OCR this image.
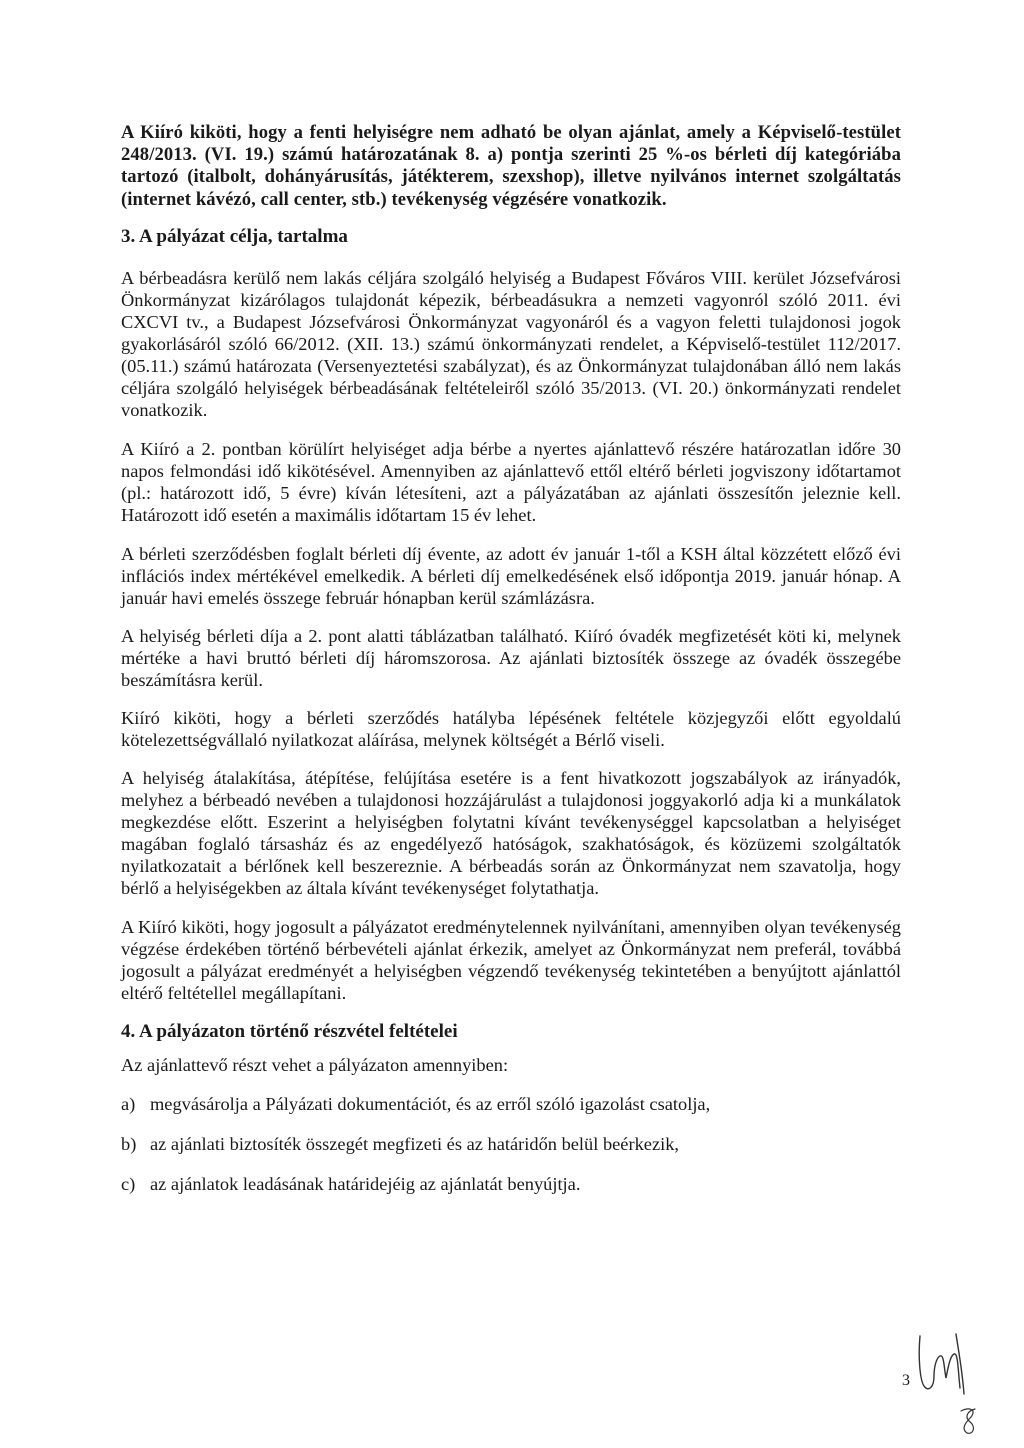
A Kiíró kiköti, hogy a fenti helyiségre nem adható be olyan ajánlat, amely a Képviselő-testület 248/2013. (VI. 19.) számú határozatának 8. a) pontja szerinti 25 %-os bérleti díj kategóriába tartozó (italbolt, dohányárusítás, játékterem, szexshop), illetve nyilvános internet szolgáltatás (internet kávézó, call center, stb.) tevékenység végzésére vonatkozik.

3. A pályázat célja, tartalma

A bérbeadásra kerülő nem lakás céljára szolgáló helyiség a Budapest Főváros VIII. kerület Józsefvárosi Önkormányzat kizárólagos tulajdonát képezik, bérbeadásukra a nemzeti vagyonról szóló 2011. évi CXCVI tv., a Budapest Józsefvárosi Önkormányzat vagyonáról és a vagyon feletti tulajdonosi jogok gyakorlásáról szóló 66/2012. (XII. 13.) számú önkormányzati rendelet, a Képviselő-testület 112/2017. (05.11.) számú határozata (Versenyeztetési szabályzat), és az Önkormányzat tulajdonában álló nem lakás céljára szolgáló helyiségek bérbeadásának feltételeiről szóló 35/2013. (VI. 20.) önkormányzati rendelet vonatkozik.

A Kiíró a 2. pontban körülírt helyiséget adja bérbe a nyertes ajánlattevő részére határozatlan időre 30 napos felmondási idő kikötésével. Amennyiben az ajánlattevő ettől eltérő bérleti jogviszony időtartamot (pl.: határozott idő, 5 évre) kíván létesíteni, azt a pályázatában az ajánlati összesítőn jeleznie kell. Határozott idő esetén a maximális időtartam 15 év lehet.

A bérleti szerződésben foglalt bérleti díj évente, az adott év január 1-től a KSH által közzétett előző évi inflációs index mértékével emelkedik. A bérleti díj emelkedésének első időpontja 2019. január hónap. A január havi emelés összege február hónapban kerül számlázásra.

A helyiség bérleti díja a 2. pont alatti táblázatban található. Kiíró óvadék megfizetését köti ki, melynek mértéke a havi bruttó bérleti díj háromszorosa. Az ajánlati biztosíték összege az óvadék összegébe beszámításra kerül.

Kiíró kiköti, hogy a bérleti szerződés hatályba lépésének feltétele közjegyzői előtt egyoldalú kötelezettségvállaló nyilatkozat aláírása, melynek költségét a Bérlő viseli.

A helyiség átalakítása, átépítése, felújítása esetére is a fent hivatkozott jogszabályok az irányadók, melyhez a bérbeadó nevében a tulajdonosi hozzájárulást a tulajdonosi joggyakorló adja ki a munkálatok megkezdése előtt. Eszerint a helyiségben folytatni kívánt tevékenységgel kapcsolatban a helyiséget magában foglaló társasház és az engedélyező hatóságok, szakhatóságok, és közüzemi szolgáltatók nyilatkozatait a bérlőnek kell beszereznie. A bérbeadás során az Önkormányzat nem szavatolja, hogy bérlő a helyiségekben az általa kívánt tevékenységet folytathatja.

A Kiíró kiköti, hogy jogosult a pályázatot eredménytelennek nyilvánítani, amennyiben olyan tevékenység végzése érdekében történő bérbevételi ajánlat érkezik, amelyet az Önkormányzat nem preferál, továbbá jogosult a pályázat eredményét a helyiségben végzendő tevékenység tekintetében a benyújtott ajánlattól eltérő feltétellel megállapítani.

4. A pályázaton történő részvétel feltételei

Az ajánlattevő részt vehet a pályázaton amennyiben:

a) megvásárolja a Pályázati dokumentációt, és az erről szóló igazolást csatolja,
b) az ajánlati biztosíték összegét megfizeti és az határidőn belül beérkezik,
c) az ajánlatok leadásának határidejéig az ajánlatát benyújtja.
3
